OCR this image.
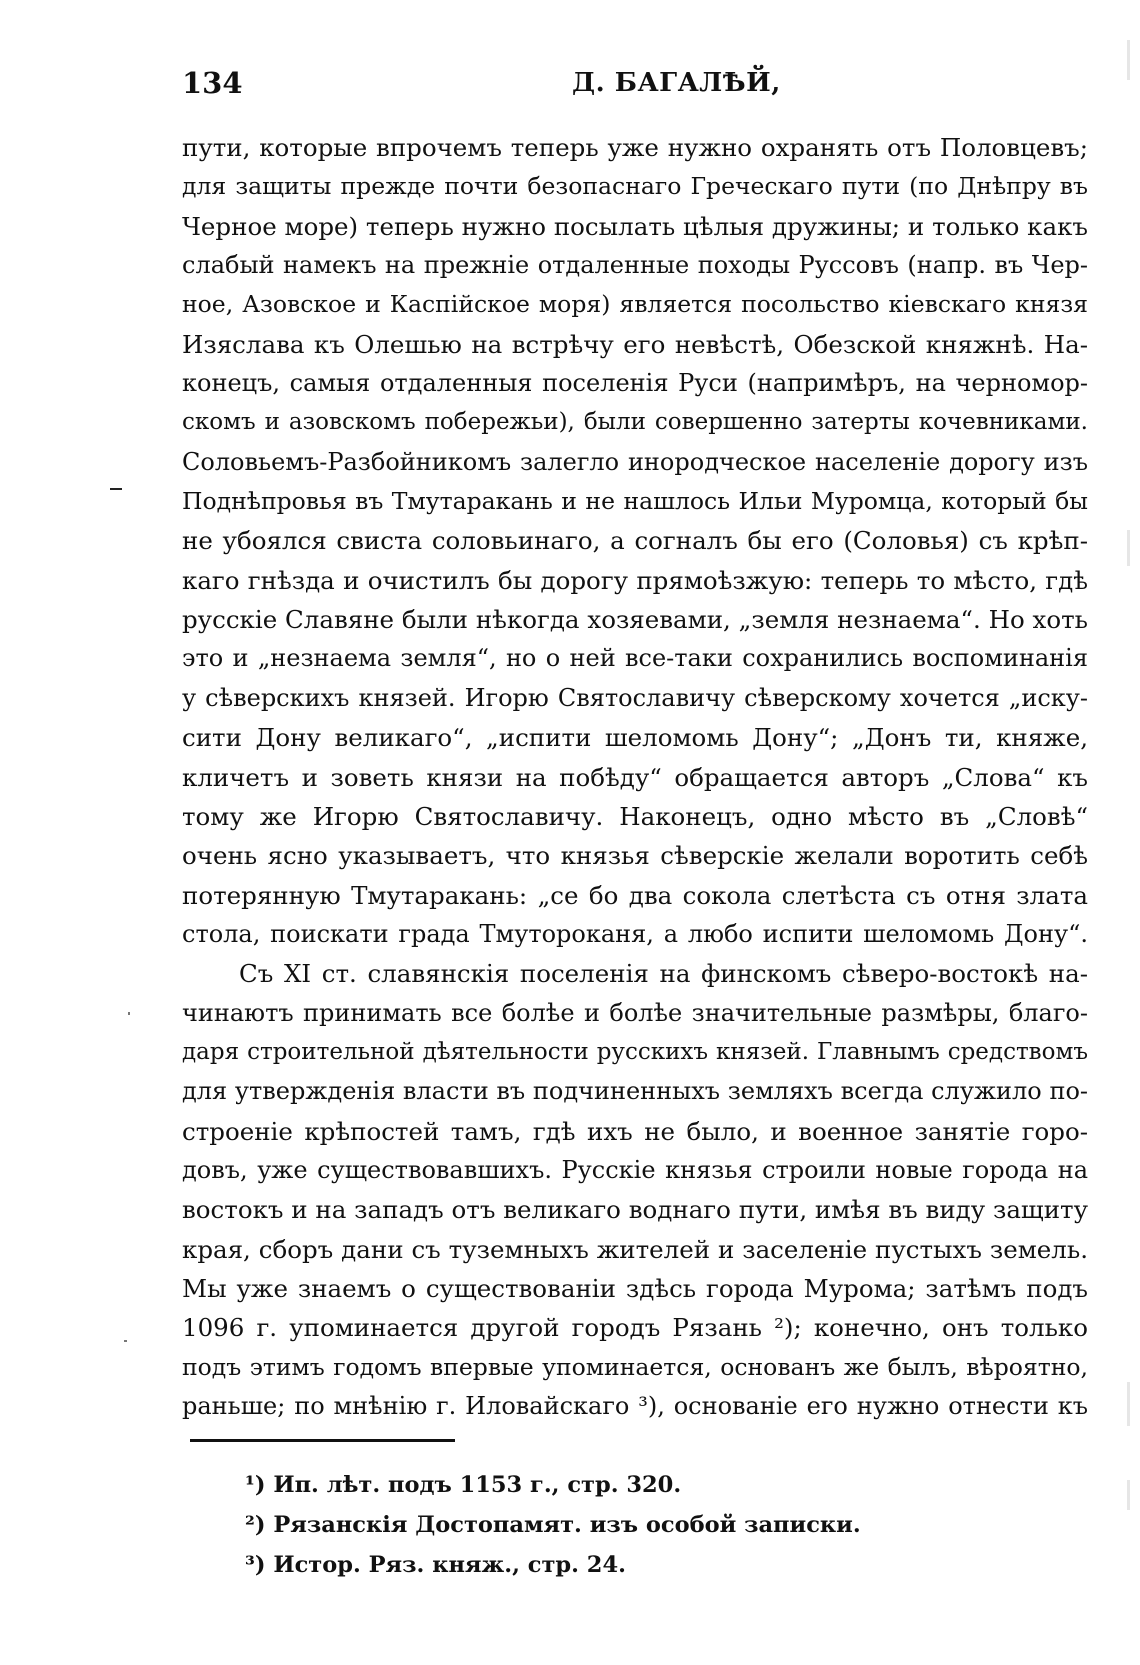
134	Д. БАГАЛѢЙ,
пути, которые впрочемъ теперь уже нужно охранять отъ Половцевъ;
для защиты прежде почти безопаснаго Греческаго пути (по Днѣпру въ
Черное море) теперь нужно посылать цѣлыя дружины; и только какъ
слабый намекъ на прежніе отдаленные походы Руссовъ (напр. въ Чер-
ное, Азовское и Каспійское моря) является посольство кіевскаго князя
Изяслава къ Олешью на встрѣчу его невѣстѣ, Обезской княжнѣ. На-
конецъ, самыя отдаленныя поселенія Руси (напримѣръ, на черномор-
скомъ и азовскомъ побережьи), были совершенно затерты кочевниками.
Соловьемъ-Разбойникомъ залегло инородческое населеніе дорогу изъ
Поднѣпровья въ Тмутаракань и не нашлось Ильи Муромца, который бы
не убоялся свиста соловьинаго, а согналъ бы его (Соловья) съ крѣп-
каго гнѣзда и очистилъ бы дорогу прямоѣзжую: теперь то мѣсто, гдѣ
русскіе Славяне были нѣкогда хозяевами, „земля незнаема“. Но хоть
это и „незнаема земля“, но о ней все-таки сохранились воспоминанія
у сѣверскихъ князей. Игорю Святославичу сѣверскому хочется „иску-
сити Дону великаго“, „испити шеломомь Дону“; „Донъ ти, княже,
кличетъ и зоветь князи на побѣду“ обращается авторъ „Слова“ къ
тому же Игорю Святославичу. Наконецъ, одно мѣсто въ „Словѣ“
очень ясно указываетъ, что князья сѣверскіе желали воротить себѣ
потерянную Тмутаракань: „се бо два сокола слетѣста съ отня злата
стола, поискати града Тмутороканя, а любо испити шеломомь Дону“.
Съ XI ст. славянскія поселенія на финскомъ сѣверо-востокѣ на-
чинаютъ принимать все болѣе и болѣе значительные размѣры, благо-
даря строительной дѣятельности русскихъ князей. Главнымъ средствомъ
для утвержденія власти въ подчиненныхъ земляхъ всегда служило по-
строеніе крѣпостей тамъ, гдѣ ихъ не было, и военное занятіе горо-
довъ, уже существовавшихъ. Русскіе князья строили новые города на
востокъ и на западъ отъ великаго воднаго пути, имѣя въ виду защиту
края, сборъ дани съ туземныхъ жителей и заселеніе пустыхъ земель.
Мы уже знаемъ о существованіи здѣсь города Мурома; затѣмъ подъ
1096 г. упоминается другой городъ Рязань ²); конечно, онъ только
подъ этимъ годомъ впервые упоминается, основанъ же былъ, вѣроятно,
раньше; по мнѣнію г. Иловайскаго ³), основаніе его нужно отнести къ
¹) Ип. лѣт. подъ 1153 г., стр. 320.
²) Рязанскія Достопамят. изъ особой записки.
³) Истор. Ряз. княж., стр. 24.
